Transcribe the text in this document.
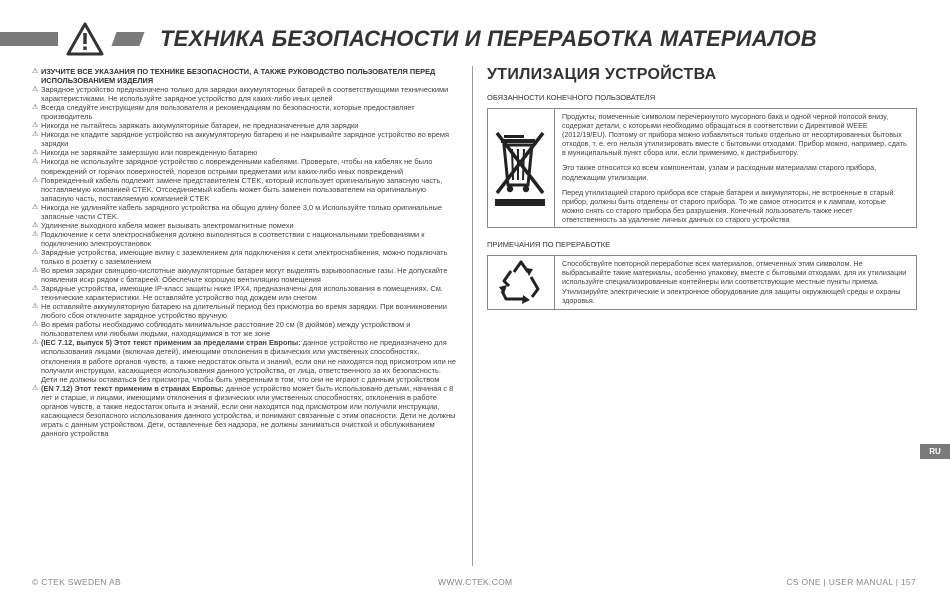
ТЕХНИКА БЕЗОПАСНОСТИ И ПЕРЕРАБОТКА МАТЕРИАЛОВ
⚠ ИЗУЧИТЕ ВСЕ УКАЗАНИЯ ПО ТЕХНИКЕ БЕЗОПАСНОСТИ, А ТАКЖЕ РУКОВОДСТВО ПОЛЬЗОВАТЕЛЯ ПЕРЕД ИСПОЛЬЗОВАНИЕМ ИЗДЕЛИЯ
⚠ Зарядное устройство предназначено только для зарядки аккумуляторных батарей в соответствующими техническими характеристиками. Не используйте зарядное устройство для каких-либо иных целей
⚠ Всегда следуйте инструкциям для пользователя и рекомендациям по безопасности, которые предоставляет производитель
⚠ Никогда не пытайтесь заряжать аккумуляторные батареи, не предназначенные для зарядки
⚠ Никогда не кладите зарядное устройство на аккумуляторную батарею и не накрывайте зарядное устройство во время зарядки
⚠ Никогда не заряжайте замерзшую или поврежденную батарею
⚠ Никогда не используйте зарядное устройство с поврежденными кабелями. Проверьте, чтобы на кабелях не было повреждений от горячих поверхностей, порезов острыми предметами или каких-либо иных повреждений
⚠ Поврежденный кабель подлежит замене представителем CTEK, который использует оригинальную запасную часть, поставляемую компанией CTEK. Отсоединяемый кабель может быть заменен пользователем на оригинальную запасную часть, поставляемую компанией CTEK
⚠ Никогда не удлиняйте кабель зарядного устройства на общую длину более 3,0 м Используйте только оригинальные запасные части CTEK.
⚠ Удлинение выходного кабеля может вызывать электромагнитные помехи
⚠ Подключение к сети электроснабжения должно выполняться в соответствии с национальными требованиями к подключению электроустановок
⚠ Зарядные устройства, имеющие вилку с заземлением для подключения к сети электроснабжения, можно подключать только в розетку с заземлением
⚠ Во время зарядки свинцово-кислотные аккумуляторные батареи могут выделять взрывоопасные газы. Не допускайте появления искр рядом с батареей. Обеспечьте хорошую вентиляцию помещения
⚠ Зарядные устройства, имеющие IP-класс защиты ниже IPX4, предназначены для использования в помещениях. См. технические характеристики. Не оставляйте устройство под дождем или снегом
⚠ Не оставляйте аккумуляторную батарею на длительный период без присмотра во время зарядки. При возникновении любого сбоя отключите зарядное устройство вручную
⚠ Во время работы необходимо соблюдать минимальное расстояние 20 см (8 дюймов) между устройством и пользователем или любыми людьми, находящимися в тот же зоне
⚠ (IEC 7.12, выпуск 5) Этот текст применим за пределами стран Европы: данное устройство не предназначено для использования лицами (включая детей), имеющими отклонения в физических или умственных способностях, отклонения в работе органов чувств, а также недостаток опыта и знаний, если они не находятся под присмотром или не получили инструкции, касающиеся использования данного устройства, от лица, ответственного за их безопасность. Дети не должны оставаться без присмотра, чтобы быть уверенным в том, что они не играют с данным устройством
⚠ (EN 7.12) Этот текст применим в странах Европы: данное устройство может быть использовано детьми, начиная с 8 лет и старше, и лицами, имеющими отклонения в физических или умственных способностях, отклонения в работе органов чувств, а также недостаток опыта и знаний, если они находятся под присмотром или получили инструкции, касающиеся безопасного использования данного устройства, и понимают связанные с этим опасности. Дети не должны играть с данным устройством. Дети, оставленные без надзора, не должны заниматься очисткой и обслуживанием данного устройства
УТИЛИЗАЦИЯ УСТРОЙСТВА
ОБЯЗАННОСТИ КОНЕЧНОГО ПОЛЬЗОВАТЕЛЯ

Продукты, помеченные символом перечеркнутого мусорного бака и одной черной полосой внизу, содержат детали, с которыми необходимо обращаться в соответствии с Директивой WEEE (2012/19/EU). Поэтому от прибора можно избавляться только отдельно от несортированных бытовых отходов, т. е. его нельзя утилизировать вместе с бытовыми отходами. Прибор можно, например, сдать в муниципальный пункт сбора или, если применимо, к дистрибьютору.

Это также относится ко всем компонентам, узлам и расходным материалам старого прибора, подлежащим утилизации.

Перед утилизацией старого прибора все старые батареи и аккумуляторы, не встроенные в старый прибор, должны быть отделены от старого прибора. То же самое относится и к лампам, которые можно снять со старого прибора без разрушения. Конечный пользователь также несет ответственность за удаление личных данных со старого устройства

ПРИМЕЧАНИЯ ПО ПЕРЕРАБОТКЕ

Способствуйте повторной переработке всех материалов, отмеченных этим символом. Не выбрасывайте такие материалы, особенно упаковку, вместе с бытовыми отходами, для их утилизации используйте специализированные контейнеры или соответствующие местные пункты приема.

Утилизируйте электрические и электронное оборудование для защиты окружающей среды и охраны здоровья.

RU
© CTEK SWEDEN AB	WWW.CTEK.COM	CS ONE | USER MANUAL | 157
